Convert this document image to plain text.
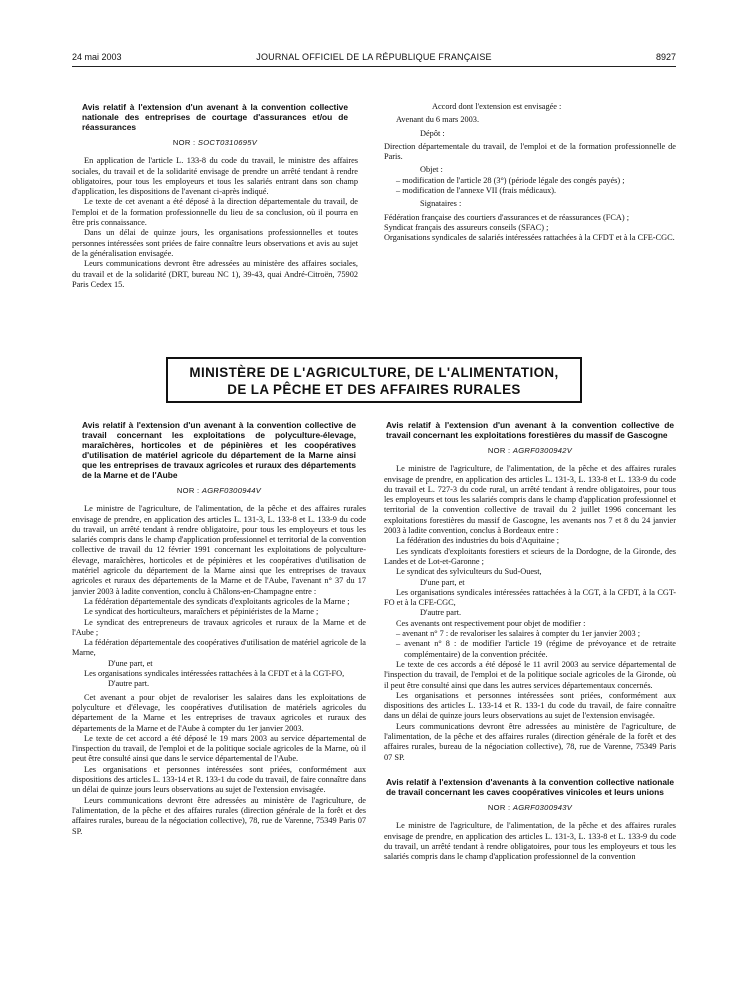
24 mai 2003	JOURNAL OFFICIEL DE LA RÉPUBLIQUE FRANÇAISE	8927
Avis relatif à l'extension d'un avenant à la convention collective nationale des entreprises de courtage d'assurances et/ou de réassurances
NOR : SOCT0310695V

En application de l'article L. 133-8 du code du travail, le ministre des affaires sociales, du travail et de la solidarité envisage de prendre un arrêté tendant à rendre obligatoires, pour tous les employeurs et tous les salariés entrant dans son champ d'application, les dispositions de l'avenant ci-après indiqué.

Le texte de cet avenant a été déposé à la direction départementale du travail, de l'emploi et de la formation professionnelle du lieu de sa conclusion, où il pourra en être pris connaissance.

Dans un délai de quinze jours, les organisations professionnelles et toutes personnes intéressées sont priées de faire connaître leurs observations et avis au sujet de la généralisation envisagée.

Leurs communications devront être adressées au ministère des affaires sociales, du travail et de la solidarité (DRT, bureau NC 1), 39-43, quai André-Citroën, 75902 Paris Cedex 15.

Accord dont l'extension est envisagée :

Avenant du 6 mars 2003.

Dépôt :

Direction départementale du travail, de l'emploi et de la formation professionnelle de Paris.

Objet :

– modification de l'article 28 (3°) (période légale des congés payés) ;

– modification de l'annexe VII (frais médicaux).

Signataires :

Fédération française des courtiers d'assurances et de réassurances (FCA) ;

Syndicat français des assureurs conseils (SFAC) ;

Organisations syndicales de salariés intéressées rattachées à la CFDT et à la CFE-CGC.

MINISTÈRE DE L'AGRICULTURE, DE L'ALIMENTATION,
DE LA PÊCHE ET DES AFFAIRES RURALES
Avis relatif à l'extension d'un avenant à la convention collective de travail concernant les exploitations de polyculture-élevage, maraîchères, horticoles et de pépinières et les coopératives d'utilisation de matériel agricole du département de la Marne ainsi que les entreprises de travaux agricoles et ruraux des départements de la Marne et de l'Aube
NOR : AGRF0300944V

Le ministre de l'agriculture, de l'alimentation, de la pêche et des affaires rurales envisage de prendre, en application des articles L. 131-3, L. 133-8 et L. 133-9 du code du travail, un arrêté tendant à rendre obligatoire, pour tous les employeurs et tous les salariés compris dans le champ d'application professionnel et territorial de la convention collective de travail du 12 février 1991 concernant les exploitations de polyculture-élevage, maraîchères, horticoles et de pépinières et les coopératives d'utilisation de matériel agricole du département de la Marne ainsi que les entreprises de travaux agricoles et ruraux des départements de la Marne et de l'Aube, l'avenant n° 37 du 17 janvier 2003 à ladite convention, conclu à Châlons-en-Champagne entre :

La fédération départementale des syndicats d'exploitants agricoles de la Marne ;

Le syndicat des horticulteurs, maraîchers et pépiniéristes de la Marne ;

Le syndicat des entrepreneurs de travaux agricoles et ruraux de la Marne et de l'Aube ;

La fédération départementale des coopératives d'utilisation de matériel agricole de la Marne,

D'une part, et

Les organisations syndicales intéressées rattachées à la CFDT et à la CGT-FO,

D'autre part.

Cet avenant a pour objet de revaloriser les salaires dans les exploitations de polyculture et d'élevage, les coopératives d'utilisation de matériels agricoles du département de la Marne et les entreprises de travaux agricoles et ruraux des départements de la Marne et de l'Aube à compter du 1er janvier 2003.

Le texte de cet accord a été déposé le 19 mars 2003 au service départemental de l'inspection du travail, de l'emploi et de la politique sociale agricoles de la Marne, où il peut être consulté ainsi que dans le service départemental de l'Aube.

Les organisations et personnes intéressées sont priées, conformément aux dispositions des articles L. 133-14 et R. 133-1 du code du travail, de faire connaître dans un délai de quinze jours leurs observations au sujet de l'extension envisagée.

Leurs communications devront être adressées au ministère de l'agriculture, de l'alimentation, de la pêche et des affaires rurales (direction générale de la forêt et des affaires rurales, bureau de la négociation collective), 78, rue de Varenne, 75349 Paris 07 SP.

Avis relatif à l'extension d'un avenant à la convention collective de travail concernant les exploitations forestières du massif de Gascogne
NOR : AGRF0300942V

Le ministre de l'agriculture, de l'alimentation, de la pêche et des affaires rurales envisage de prendre, en application des articles L. 131-3, L. 133-8 et L. 133-9 du code du travail et L. 727-3 du code rural, un arrêté tendant à rendre obligatoires, pour tous les employeurs et tous les salariés compris dans le champ d'application professionnel et territorial de la convention collective de travail du 2 juillet 1996 concernant les exploitations forestières du massif de Gascogne, les avenants nos 7 et 8 du 24 janvier 2003 à ladite convention, conclus à Bordeaux entre :

La fédération des industries du bois d'Aquitaine ;

Les syndicats d'exploitants forestiers et scieurs de la Dordogne, de la Gironde, des Landes et de Lot-et-Garonne ;

Le syndicat des sylviculteurs du Sud-Ouest,

D'une part, et

Les organisations syndicales intéressées rattachées à la CGT, à la CFDT, à la CGT-FO et à la CFE-CGC,

D'autre part.

Ces avenants ont respectivement pour objet de modifier :

– avenant n° 7 : de revaloriser les salaires à compter du 1er janvier 2003 ;

– avenant n° 8 : de modifier l'article 19 (régime de prévoyance et de retraite complémentaire) de la convention précitée.

Le texte de ces accords a été déposé le 11 avril 2003 au service départemental de l'inspection du travail, de l'emploi et de la politique sociale agricoles de la Gironde, où il peut être consulté ainsi que dans les autres services départementaux concernés.

Les organisations et personnes intéressées sont priées, conformément aux dispositions des articles L. 133-14 et R. 133-1 du code du travail, de faire connaître dans un délai de quinze jours leurs observations au sujet de l'extension envisagée.

Leurs communications devront être adressées au ministère de l'agriculture, de l'alimentation, de la pêche et des affaires rurales (direction générale de la forêt et des affaires rurales, bureau de la négociation collective), 78, rue de Varenne, 75349 Paris 07 SP.

Avis relatif à l'extension d'avenants à la convention collective nationale de travail concernant les caves coopératives vinicoles et leurs unions
NOR : AGRF0300943V

Le ministre de l'agriculture, de l'alimentation, de la pêche et des affaires rurales envisage de prendre, en application des articles L. 131-3, L. 133-8 et L. 133-9 du code du travail, un arrêté tendant à rendre obligatoires, pour tous les employeurs et tous les salariés compris dans le champ d'application professionnel de la convention
